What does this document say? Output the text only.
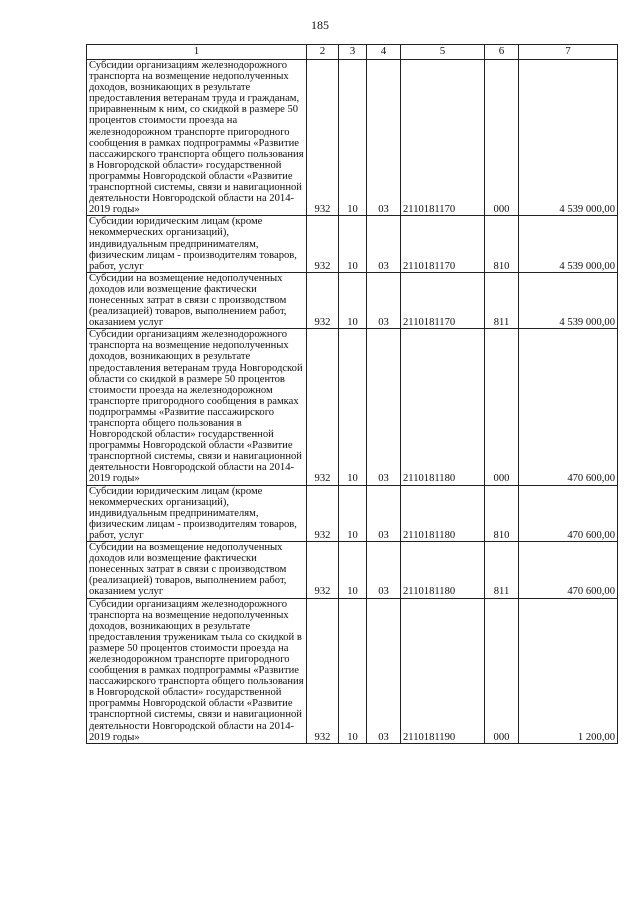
185
1	2	3	4	5	6	7
Субсидии организациям железнодорожного транспорта на возмещение недополученных доходов, возникающих в результате предоставления ветеранам труда и гражданам, приравненным к ним, со скидкой в размере 50 процентов стоимости проезда на железнодорожном транспорте пригородного сообщения в рамках подпрограммы «Развитие пассажирского транспорта общего пользования в Новгородской области» государственной программы Новгородской области «Развитие транспортной системы, связи и навигационной деятельности Новгородской области на 2014-2019 годы»	932	10	03	2110181170	000	4 539 000,00
Субсидии юридическим лицам (кроме некоммерческих организаций), индивидуальным предпринимателям, физическим лицам - производителям товаров, работ, услуг	932	10	03	2110181170	810	4 539 000,00
Субсидии на возмещение недополученных доходов или возмещение фактически понесенных затрат в связи с производством (реализацией) товаров, выполнением работ, оказанием услуг	932	10	03	2110181170	811	4 539 000,00
Субсидии организациям железнодорожного транспорта на возмещение недополученных доходов, возникающих в результате предоставления ветеранам труда Новгородской области со скидкой в размере 50 процентов стоимости проезда на железнодорожном транспорте пригородного сообщения в рамках подпрограммы «Развитие пассажирского транспорта общего пользования в Новгородской области» государственной программы Новгородской области «Развитие транспортной системы, связи и навигационной деятельности Новгородской области на 2014-2019 годы»	932	10	03	2110181180	000	470 600,00
Субсидии юридическим лицам (кроме некоммерческих организаций), индивидуальным предпринимателям, физическим лицам - производителям товаров, работ, услуг	932	10	03	2110181180	810	470 600,00
Субсидии на возмещение недополученных доходов или возмещение фактически понесенных затрат в связи с производством (реализацией) товаров, выполнением работ, оказанием услуг	932	10	03	2110181180	811	470 600,00
Субсидии организациям железнодорожного транспорта на возмещение недополученных доходов, возникающих в результате предоставления труженикам тыла со скидкой в размере 50 процентов стоимости проезда на железнодорожном транспорте пригородного сообщения в рамках подпрограммы «Развитие пассажирского транспорта общего пользования в Новгородской области» государственной программы Новгородской области «Развитие транспортной системы, связи и навигационной деятельности Новгородской области на 2014-2019 годы»	932	10	03	2110181190	000	1 200,00
